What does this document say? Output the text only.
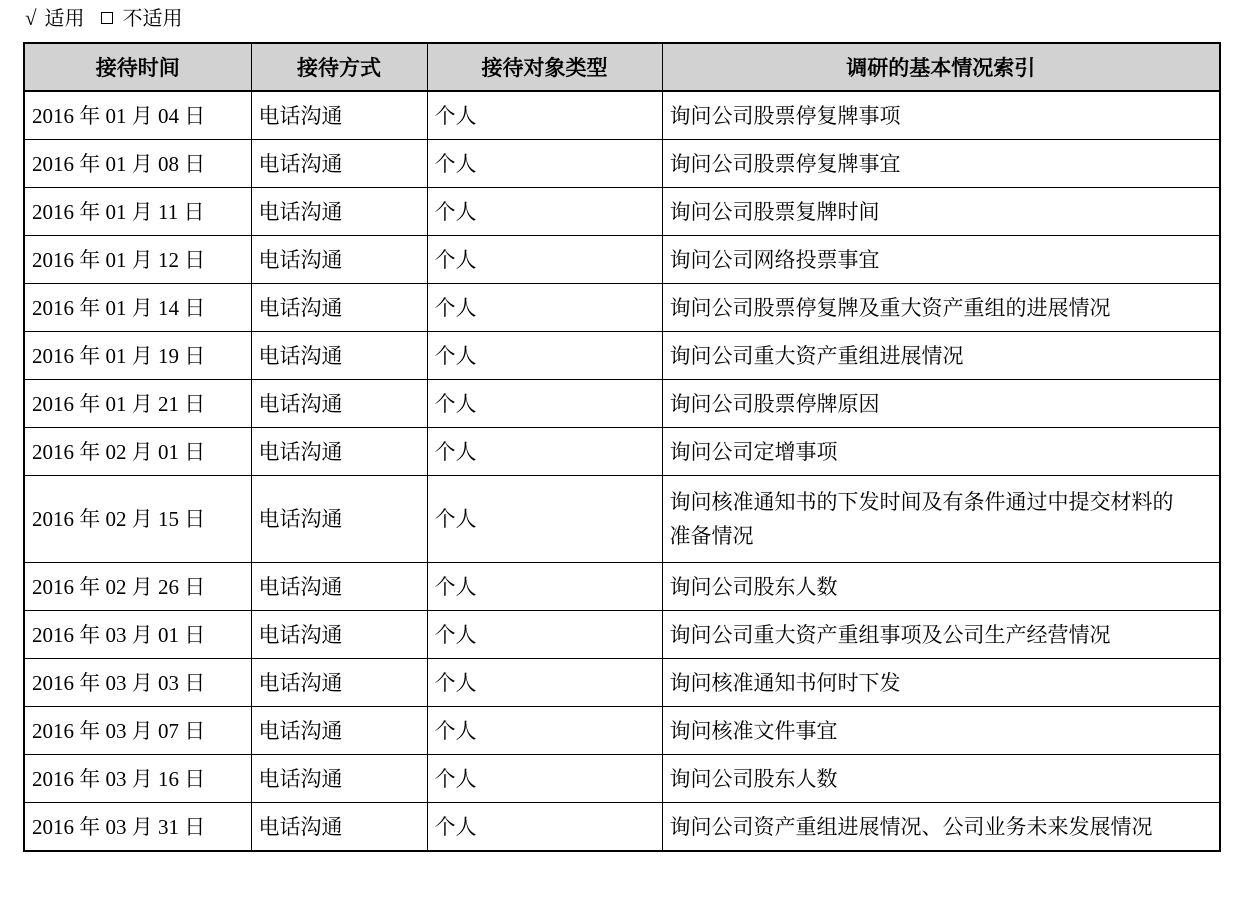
√ 适用 不适用
接待时间	接待方式	接待对象类型	调研的基本情况索引
2016 年 01 月 04 日	电话沟通	个人	询问公司股票停复牌事项
2016 年 01 月 08 日	电话沟通	个人	询问公司股票停复牌事宜
2016 年 01 月 11 日	电话沟通	个人	询问公司股票复牌时间
2016 年 01 月 12 日	电话沟通	个人	询问公司网络投票事宜
2016 年 01 月 14 日	电话沟通	个人	询问公司股票停复牌及重大资产重组的进展情况
2016 年 01 月 19 日	电话沟通	个人	询问公司重大资产重组进展情况
2016 年 01 月 21 日	电话沟通	个人	询问公司股票停牌原因
2016 年 02 月 01 日	电话沟通	个人	询问公司定增事项
2016 年 02 月 15 日	电话沟通	个人	询问核准通知书的下发时间及有条件通过中提交材料的准备情况
2016 年 02 月 26 日	电话沟通	个人	询问公司股东人数
2016 年 03 月 01 日	电话沟通	个人	询问公司重大资产重组事项及公司生产经营情况
2016 年 03 月 03 日	电话沟通	个人	询问核准通知书何时下发
2016 年 03 月 07 日	电话沟通	个人	询问核准文件事宜
2016 年 03 月 16 日	电话沟通	个人	询问公司股东人数
2016 年 03 月 31 日	电话沟通	个人	询问公司资产重组进展情况、公司业务未来发展情况
